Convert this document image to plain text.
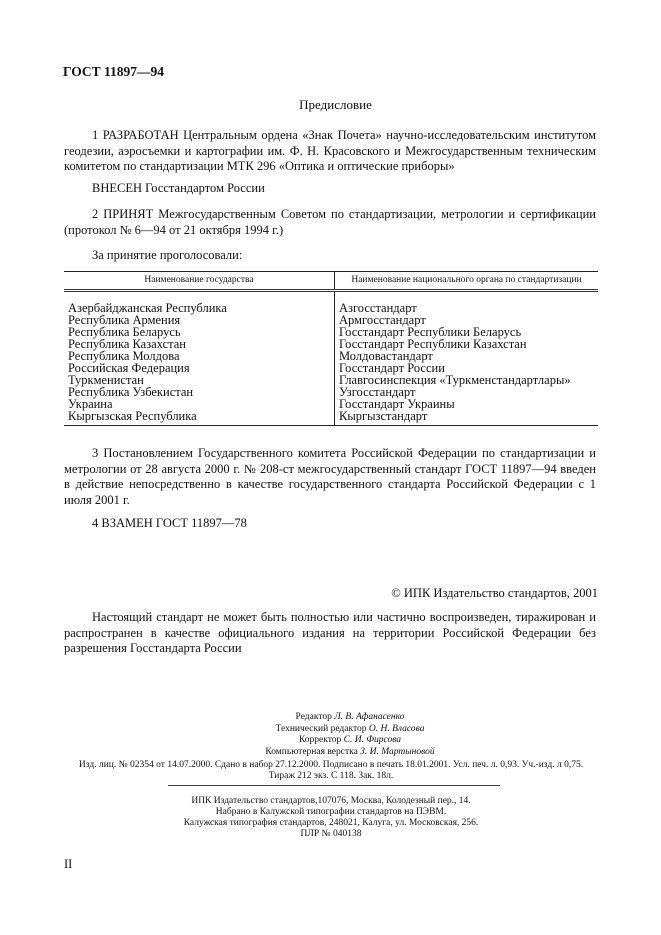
ГОСТ 11897—94
Предисловие
1 РАЗРАБОТАН Центральным ордена «Знак Почета» научно-исследовательским институтом геодезии, аэросъемки и картографии им. Ф. Н. Красовского и Межгосударственным техническим комитетом по стандартизации МТК 296 «Оптика и оптические приборы»
ВНЕСЕН Госстандартом России
2 ПРИНЯТ Межгосударственным Советом по стандартизации, метрологии и сертификации (протокол № 6—94 от 21 октября 1994 г.)
За принятие проголосовали:
Наименование государства	Наименование национального органа по стандартизации
Азербайджанская Республика	Азгосстандарт
Республика Армения	Армгосстандарт
Республика Беларусь	Госстандарт Республики Беларусь
Республика Казахстан	Госстандарт Республики Казахстан
Республика Молдова	Молдовастандарт
Российская Федерация	Госстандарт России
Туркменистан	Главгосинспекция «Туркменстандартлары»
Республика Узбекистан	Узгосстандарт
Украина	Госстандарт Украины
Кыргызская Республика	Кыргызстандарт
3 Постановлением Государственного комитета Российской Федерации по стандартизации и метрологии от 28 августа 2000 г. № 208-ст межгосударственный стандарт ГОСТ 11897—94 введен в действие непосредственно в качестве государственного стандарта Российской Федерации с 1 июля 2001 г.
4 ВЗАМЕН ГОСТ 11897—78
© ИПК Издательство стандартов, 2001
Настоящий стандарт не может быть полностью или частично воспроизведен, тиражирован и распространен в качестве официального издания на территории Российской Федерации без разрешения Госстандарта России
Редактор Л. В. Афанасенко
Технический редактор О. Н. Власова
Корректор С. И. Фирсова
Компьютерная верстка З. И. Мартыновой
Изд. лиц. № 02354 от 14.07.2000. Сдано в набор 27.12.2000. Подписано в печать 18.01.2001. Усл. печ. л. 0,93. Уч.-изд. л 0,75.
Тираж 212 экз. С 118. Зак. 18л.
ИПК Издательство стандартов,107076, Москва, Колодезный пер., 14.
Набрано в Калужской типографии стандартов на ПЭВМ.
Калужская типография стандартов, 248021, Калуга, ул. Московская, 256.
ПЛР № 040138
II
